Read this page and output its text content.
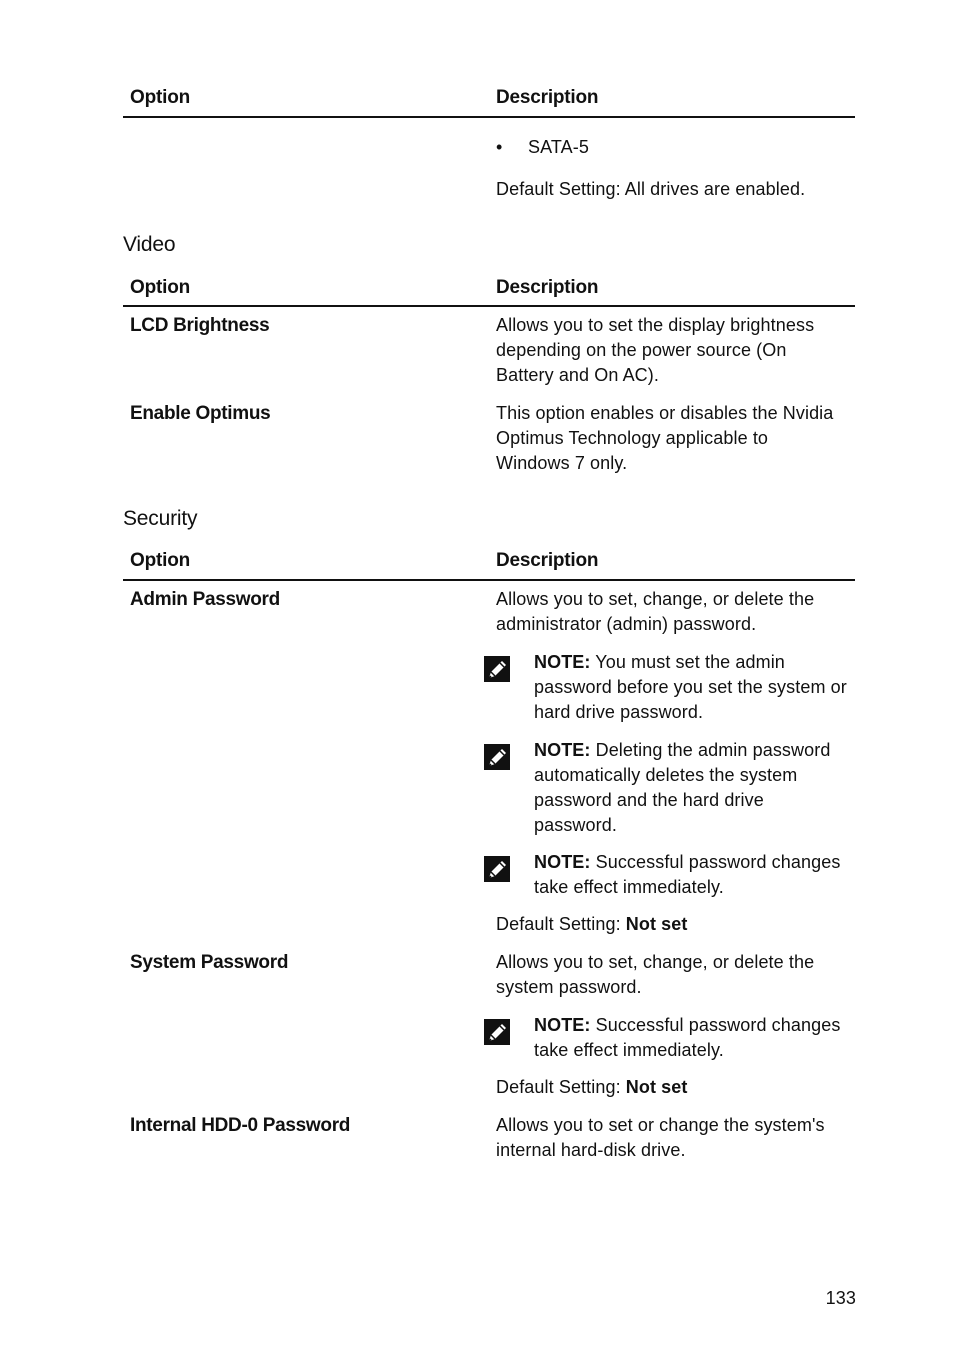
Option	Description
• SATA-5
Default Setting: All drives are enabled.
Video
Option	Description
LCD Brightness	Allows you to set the display brightness
depending on the power source (On
Battery and On AC).
Enable Optimus	This option enables or disables the Nvidia
Optimus Technology applicable to
Windows 7 only.
Security
Option	Description
Admin Password	Allows you to set, change, or delete the
administrator (admin) password.
NOTE: You must set the admin
password before you set the system or
hard drive password.
NOTE: Deleting the admin password
automatically deletes the system
password and the hard drive
password.
NOTE: Successful password changes
take effect immediately.
Default Setting: Not set
System Password	Allows you to set, change, or delete the
system password.
NOTE: Successful password changes
take effect immediately.
Default Setting: Not set
Internal HDD-0 Password	Allows you to set or change the system's
internal hard-disk drive.
133
